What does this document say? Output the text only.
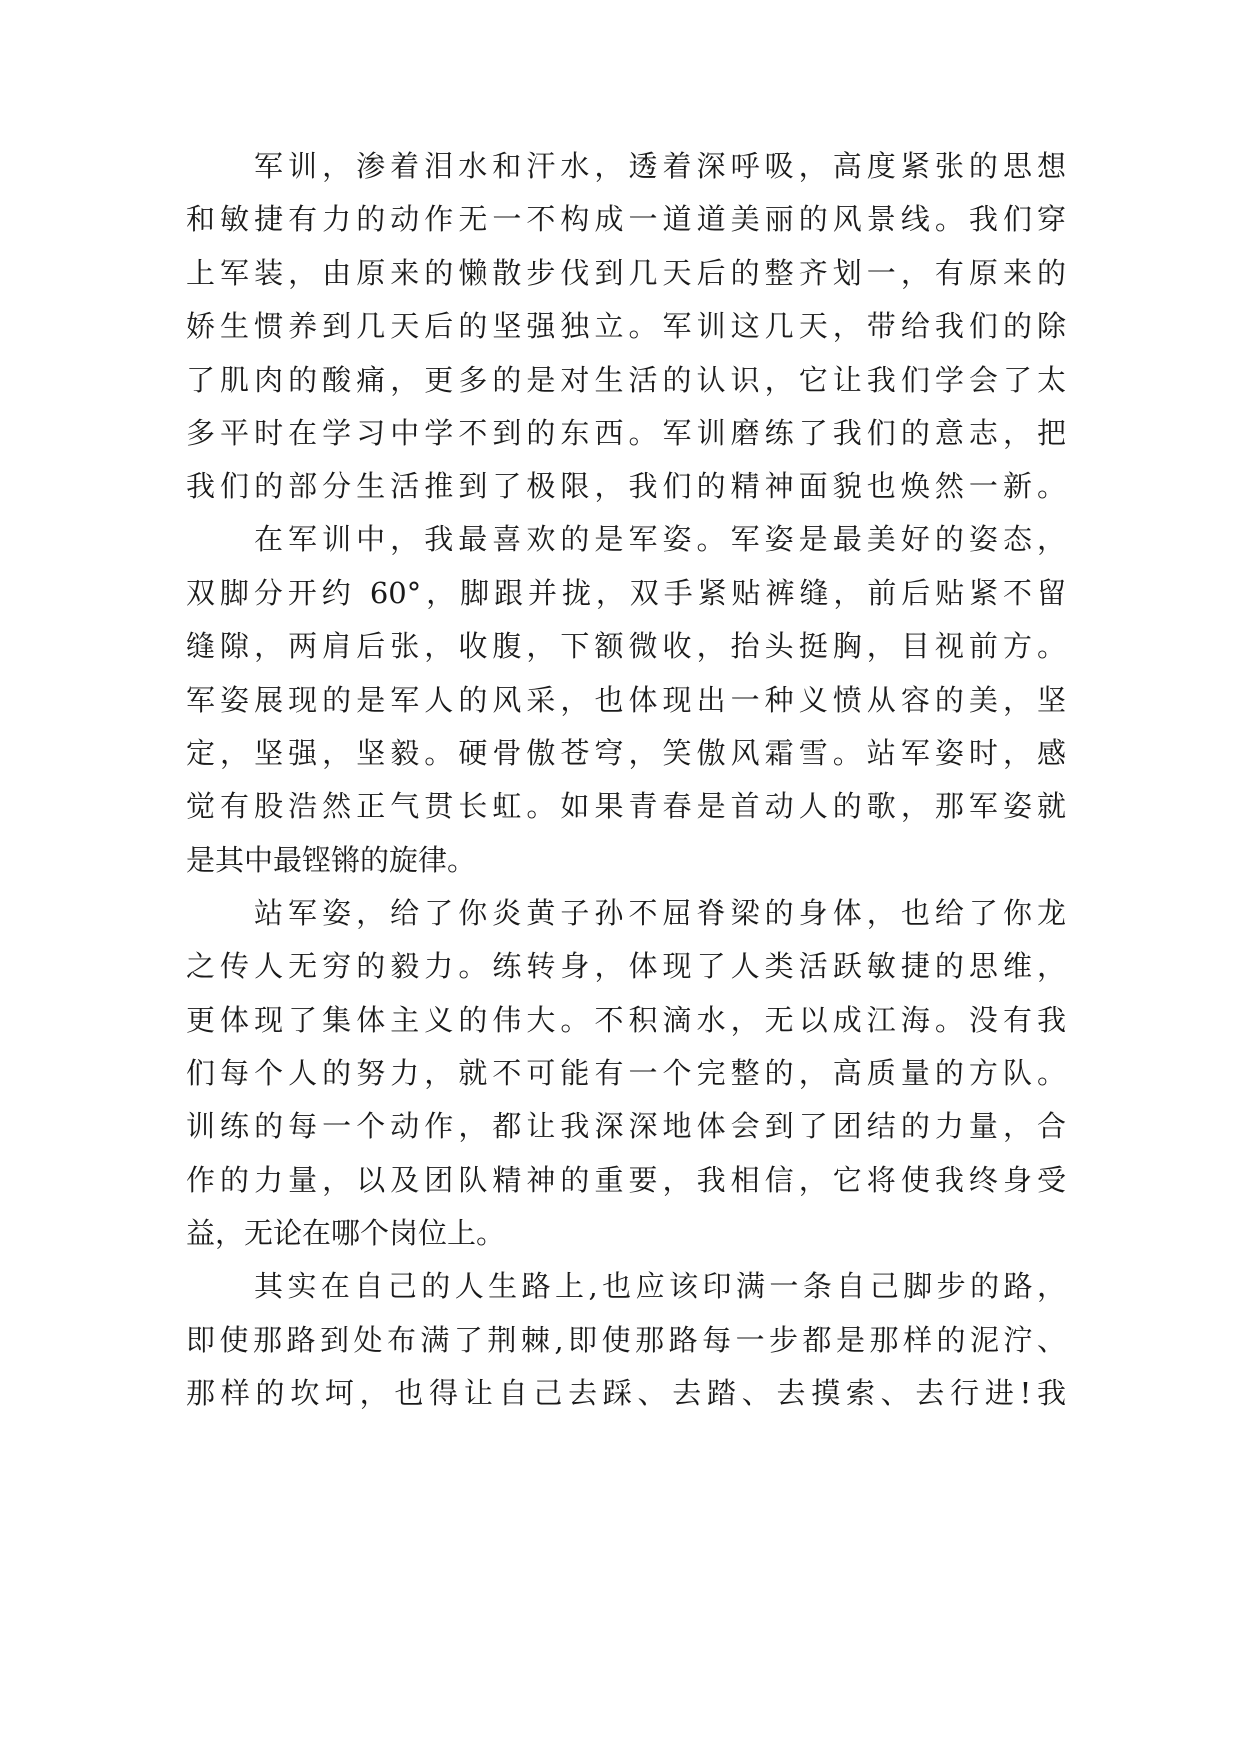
军训，渗着泪水和汗水，透着深呼吸，高度紧张的思想
和敏捷有力的动作无一不构成一道道美丽的风景线。我们穿
上军装，由原来的懒散步伐到几天后的整齐划一，有原来的
娇生惯养到几天后的坚强独立。军训这几天，带给我们的除
了肌肉的酸痛，更多的是对生活的认识，它让我们学会了太
多平时在学习中学不到的东西。军训磨练了我们的意志，把
我们的部分生活推到了极限，我们的精神面貌也焕然一新。
在军训中，我最喜欢的是军姿。军姿是最美好的姿态，
双脚分开约 60°，脚跟并拢，双手紧贴裤缝，前后贴紧不留
缝隙，两肩后张，收腹，下额微收，抬头挺胸，目视前方。
军姿展现的是军人的风采，也体现出一种义愤从容的美，坚
定，坚强，坚毅。硬骨傲苍穹，笑傲风霜雪。站军姿时，感
觉有股浩然正气贯长虹。如果青春是首动人的歌，那军姿就
是其中最铿锵的旋律。
站军姿，给了你炎黄子孙不屈脊梁的身体，也给了你龙
之传人无穷的毅力。练转身，体现了人类活跃敏捷的思维，
更体现了集体主义的伟大。不积滴水，无以成江海。没有我
们每个人的努力，就不可能有一个完整的，高质量的方队。
训练的每一个动作，都让我深深地体会到了团结的力量，合
作的力量，以及团队精神的重要，我相信，它将使我终身受
益，无论在哪个岗位上。
其实在自己的人生路上,也应该印满一条自己脚步的路，
即使那路到处布满了荆棘,即使那路每一步都是那样的泥泞、
那样的坎坷，也得让自己去踩、去踏、去摸索、去行进!我
